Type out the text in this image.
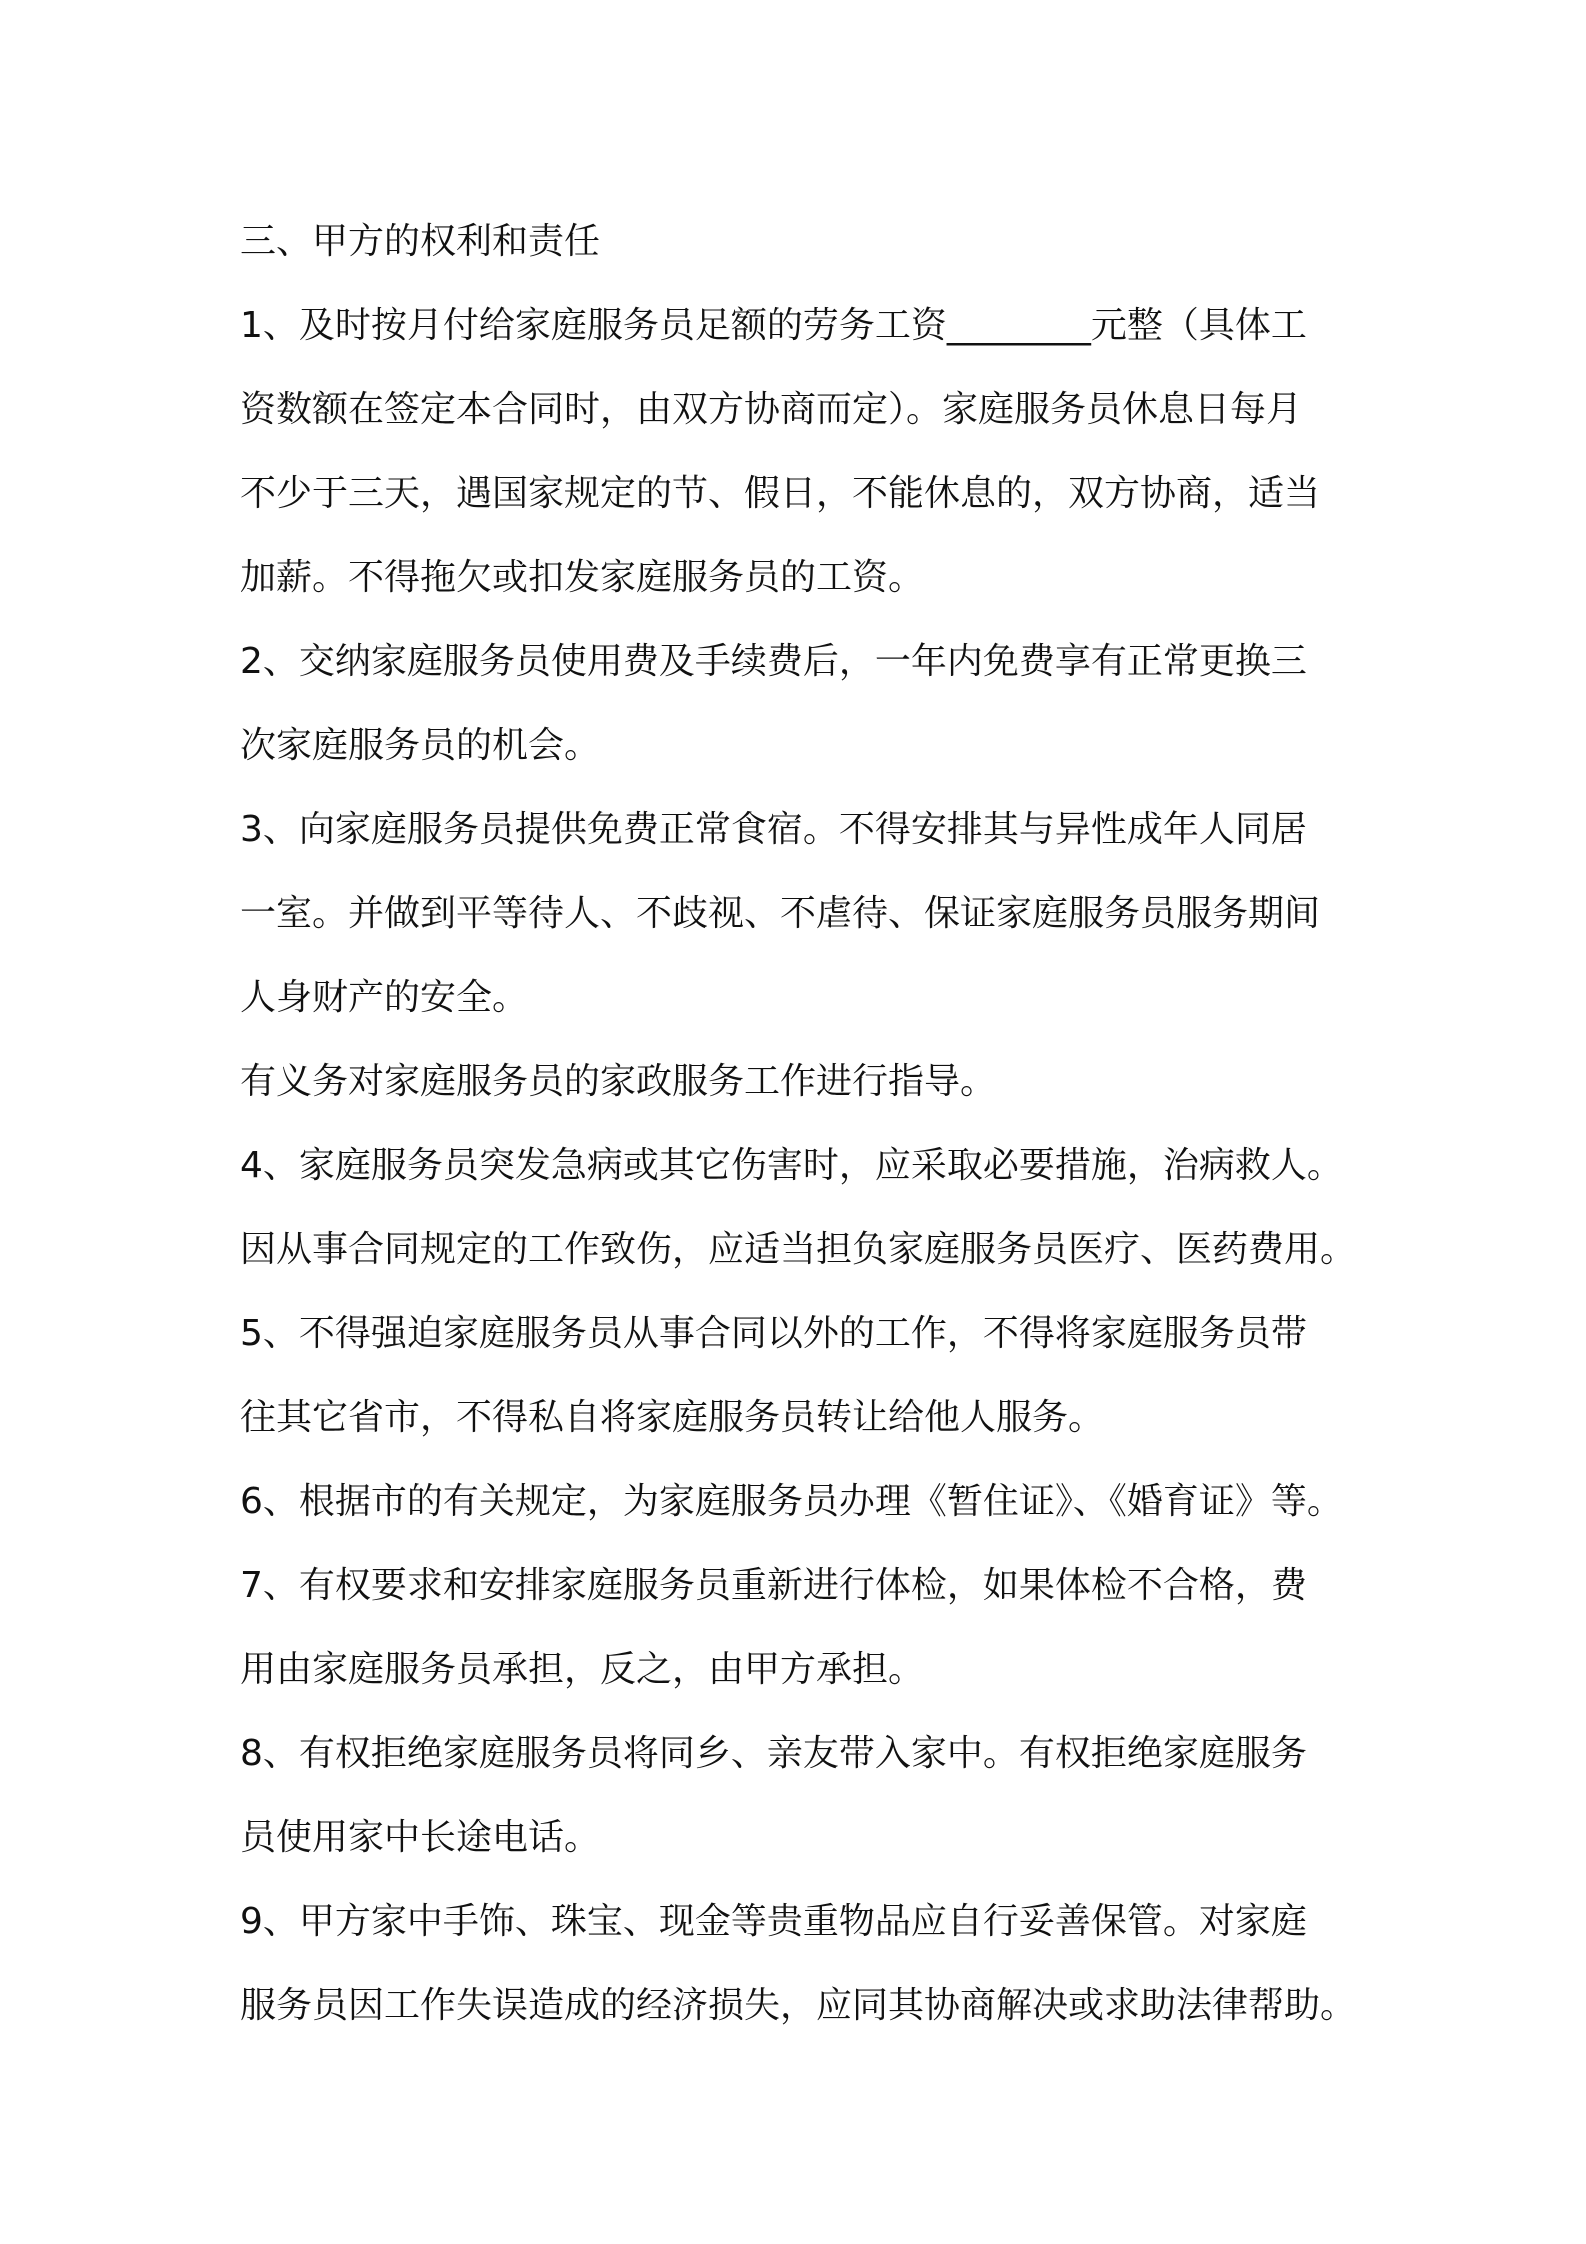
三、甲方的权利和责任
1、及时按月付给家庭服务员足额的劳务工资________元整（具体工
资数额在签定本合同时，由双方协商而定）。家庭服务员休息日每月
不少于三天，遇国家规定的节、假日，不能休息的，双方协商，适当
加薪。不得拖欠或扣发家庭服务员的工资。
2、交纳家庭服务员使用费及手续费后，一年内免费享有正常更换三
次家庭服务员的机会。
3、向家庭服务员提供免费正常食宿。不得安排其与异性成年人同居
一室。并做到平等待人、不歧视、不虐待、保证家庭服务员服务期间
人身财产的安全。
有义务对家庭服务员的家政服务工作进行指导。
4、家庭服务员突发急病或其它伤害时，应采取必要措施，治病救人。
因从事合同规定的工作致伤，应适当担负家庭服务员医疗、医药费用。
5、不得强迫家庭服务员从事合同以外的工作，不得将家庭服务员带
往其它省市，不得私自将家庭服务员转让给他人服务。
6、根据市的有关规定，为家庭服务员办理《暂住证》、《婚育证》等。
7、有权要求和安排家庭服务员重新进行体检，如果体检不合格，费
用由家庭服务员承担，反之，由甲方承担。
8、有权拒绝家庭服务员将同乡、亲友带入家中。有权拒绝家庭服务
员使用家中长途电话。
9、甲方家中手饰、珠宝、现金等贵重物品应自行妥善保管。对家庭
服务员因工作失误造成的经济损失，应同其协商解决或求助法律帮助。
